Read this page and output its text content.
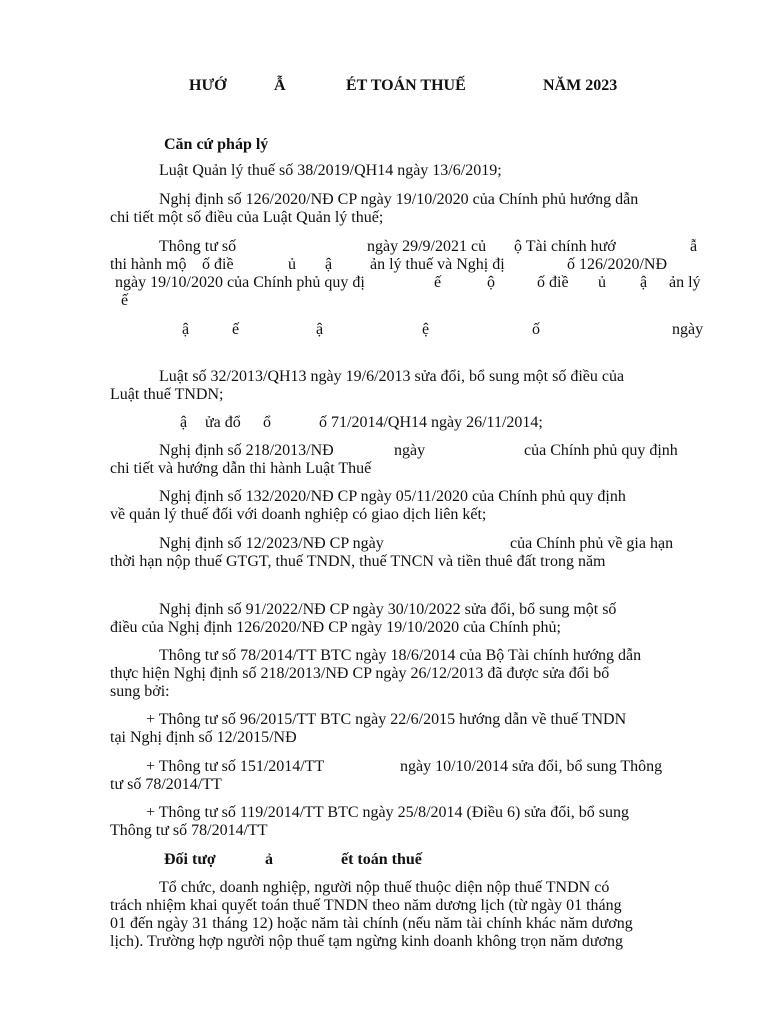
HƯỚ	Ẫ	ÉT TOÁN THUẾ	NĂM 2023
Căn cứ pháp lý
Luật Quản lý thuế số 38/2019/QH14 ngày 13/6/2019;
Nghị định số 126/2020/NĐ CP ngày 19/10/2020 của Chính phủ hướng dẫn
chi tiết một số điều của Luật Quản lý thuế;
Thông tư số	ngày 29/9/2021 củ ộ Tài chính hướ	ẫ
thi hành mộ ố điề	ủ ậ ản lý thuế và Nghị đị	ố 126/2020/NĐ
ngày 19/10/2020 của Chính phủ quy đị	ế	ộ	ố điề ủ ậ ản lý
ế
ậ	ế	ậ	ệ	ố	ngày
Luật số 32/2013/QH13 ngày 19/6/2013 sửa đổi, bổ sung một số điều của
Luật thuế TNDN;
ậ ửa đổ ổ	ố 71/2014/QH14 ngày 26/11/2014;
Nghị định số 218/2013/NĐ	ngày	của Chính phủ quy định
chi tiết và hướng dẫn thi hành Luật Thuế
Nghị định số 132/2020/NĐ CP ngày 05/11/2020 của Chính phủ quy định
về quản lý thuế đối với doanh nghiệp có giao dịch liên kết;
Nghị định số 12/2023/NĐ CP ngày	của Chính phủ về gia hạn
thời hạn nộp thuế GTGT, thuế TNDN, thuế TNCN và tiền thuê đất trong năm
Nghị định số 91/2022/NĐ CP ngày 30/10/2022 sửa đổi, bổ sung một số
điều của Nghị định 126/2020/NĐ CP ngày 19/10/2020 của Chính phủ;
Thông tư số 78/2014/TT BTC ngày 18/6/2014 của Bộ Tài chính hướng dẫn
thực hiện Nghị định số 218/2013/NĐ CP ngày 26/12/2013 đã được sửa đổi bổ
sung bởi:
+ Thông tư số 96/2015/TT BTC ngày 22/6/2015 hướng dẫn về thuế TNDN
tại Nghị định số 12/2015/NĐ
+ Thông tư số 151/2014/TT	ngày 10/10/2014 sửa đổi, bổ sung Thông
tư số 78/2014/TT
+ Thông tư số 119/2014/TT BTC ngày 25/8/2014 (Điều 6) sửa đổi, bổ sung
Thông tư số 78/2014/TT
Đối tượ	ả	ết toán thuế
Tổ chức, doanh nghiệp, người nộp thuế thuộc diện nộp thuế TNDN có
trách nhiệm khai quyết toán thuế TNDN theo năm dương lịch (từ ngày 01 tháng
01 đến ngày 31 tháng 12) hoặc năm tài chính (nếu năm tài chính khác năm dương
lịch). Trường hợp người nộp thuế tạm ngừng kinh doanh không trọn năm dương
